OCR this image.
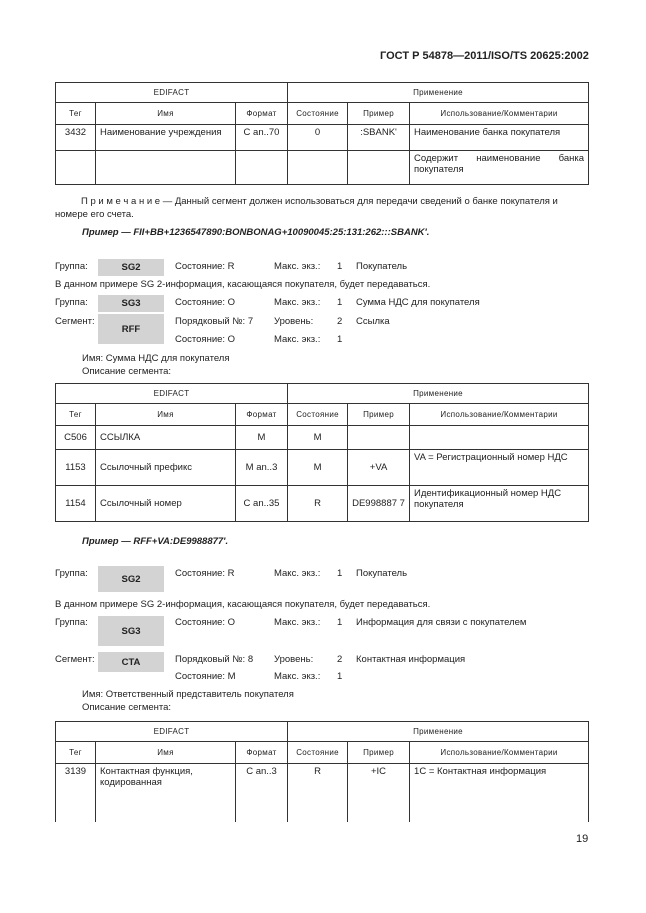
ГОСТ Р 54878—2011/ISO/TS 20625:2002
EDIFACT			Применение		
Тег	Имя	Формат	Состояние	Пример	Использование/Комментарии
3432	Наименование учреждения	C an..70	0	:SBANK'	Наименование банка покупателя
					Содержит наименование банка покупателя
П р и м е ч а н и е — Данный сегмент должен использоваться для передачи сведений о банке покупателя и номере его счета.
Пример — FII+BB+1236547890:BONBONAG+10090045:25:131:262:::SBANK'.
Группа:	SG2	Состояние: R	Макс. экз.: 1 Покупатель
В данном примере SG 2-информация, касающаяся покупателя, будет передаваться.
Группа:	SG3	Состояние: О	Макс. экз.: 1 Сумма НДС для покупателя
Сегмент:
RFF
Порядковый №: 7 Уровень:	2 Ссылка
Состояние: О	Макс. экз.: 1
Имя: Сумма НДС для покупателя
Описание сегмента:
EDIFACT			Применение		
Тег	Имя	Формат	Состояние	Пример	Использование/Комментарии
C506	ССЫЛКА	M	M		
1153	Ссылочный префикс	M an..3	M	+VA	VA = Регистрационный номер НДС
1154	Ссылочный номер	C an..35	R	DE998887 7	Идентификационный номер НДС покупателя
Пример — RFF+VA:DE9988877'.
Группа:	SG2	Состояние: R	Макс. экз.: 1 Покупатель
В данном примере SG 2-информация, касающаяся покупателя, будет передаваться.
Группа:
SG3
Состояние: О	Макс. экз.: 1 Информация для связи с покупателем
Сегмент:	CTA	Порядковый №: 8 Уровень:	2 Контактная информация
Состояние: М	Макс. экз.: 1
Имя: Ответственный представитель покупателя
Описание сегмента:
EDIFACT			Применение		
Тег	Имя	Формат	Состояние	Пример	Использование/Комментарии
3139	Контактная функция, кодированная	C an..3	R	+IC	1C = Контактная информация
19
